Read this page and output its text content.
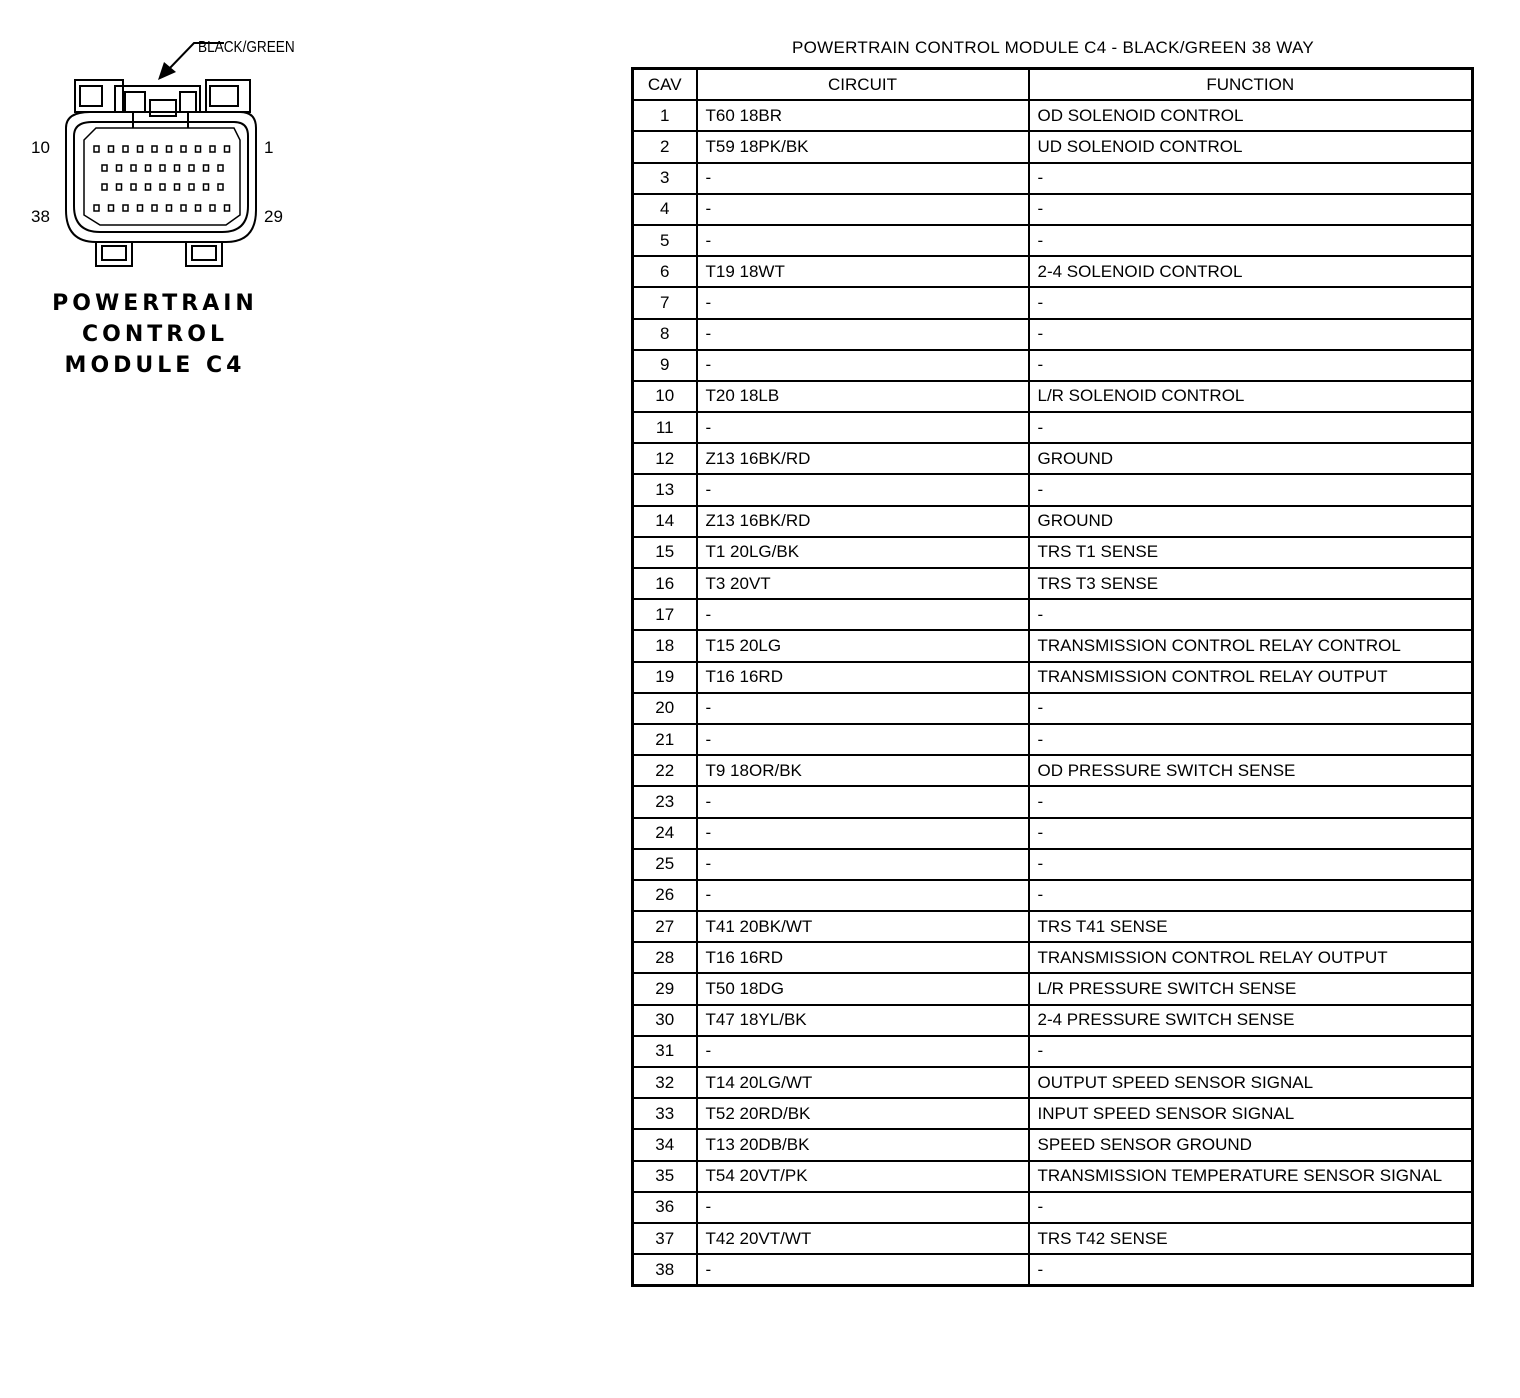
BLACK/GREEN
10	1
38	29
POWERTRAIN
CONTROL
MODULE C4
POWERTRAIN CONTROL MODULE C4 - BLACK/GREEN 38 WAY
CAV	CIRCUIT	FUNCTION
1	T60 18BR	OD SOLENOID CONTROL
2	T59 18PK/BK	UD SOLENOID CONTROL
3	-	-
4	-	-
5	-	-
6	T19 18WT	2-4 SOLENOID CONTROL
7	-	-
8	-	-
9	-	-
10	T20 18LB	L/R SOLENOID CONTROL
11	-	-
12	Z13 16BK/RD	GROUND
13	-	-
14	Z13 16BK/RD	GROUND
15	T1 20LG/BK	TRS T1 SENSE
16	T3 20VT	TRS T3 SENSE
17	-	-
18	T15 20LG	TRANSMISSION CONTROL RELAY CONTROL
19	T16 16RD	TRANSMISSION CONTROL RELAY OUTPUT
20	-	-
21	-	-
22	T9 18OR/BK	OD PRESSURE SWITCH SENSE
23	-	-
24	-	-
25	-	-
26	-	-
27	T41 20BK/WT	TRS T41 SENSE
28	T16 16RD	TRANSMISSION CONTROL RELAY OUTPUT
29	T50 18DG	L/R PRESSURE SWITCH SENSE
30	T47 18YL/BK	2-4 PRESSURE SWITCH SENSE
31	-	-
32	T14 20LG/WT	OUTPUT SPEED SENSOR SIGNAL
33	T52 20RD/BK	INPUT SPEED SENSOR SIGNAL
34	T13 20DB/BK	SPEED SENSOR GROUND
35	T54 20VT/PK	TRANSMISSION TEMPERATURE SENSOR SIGNAL
36	-	-
37	T42 20VT/WT	TRS T42 SENSE
38	-	-
